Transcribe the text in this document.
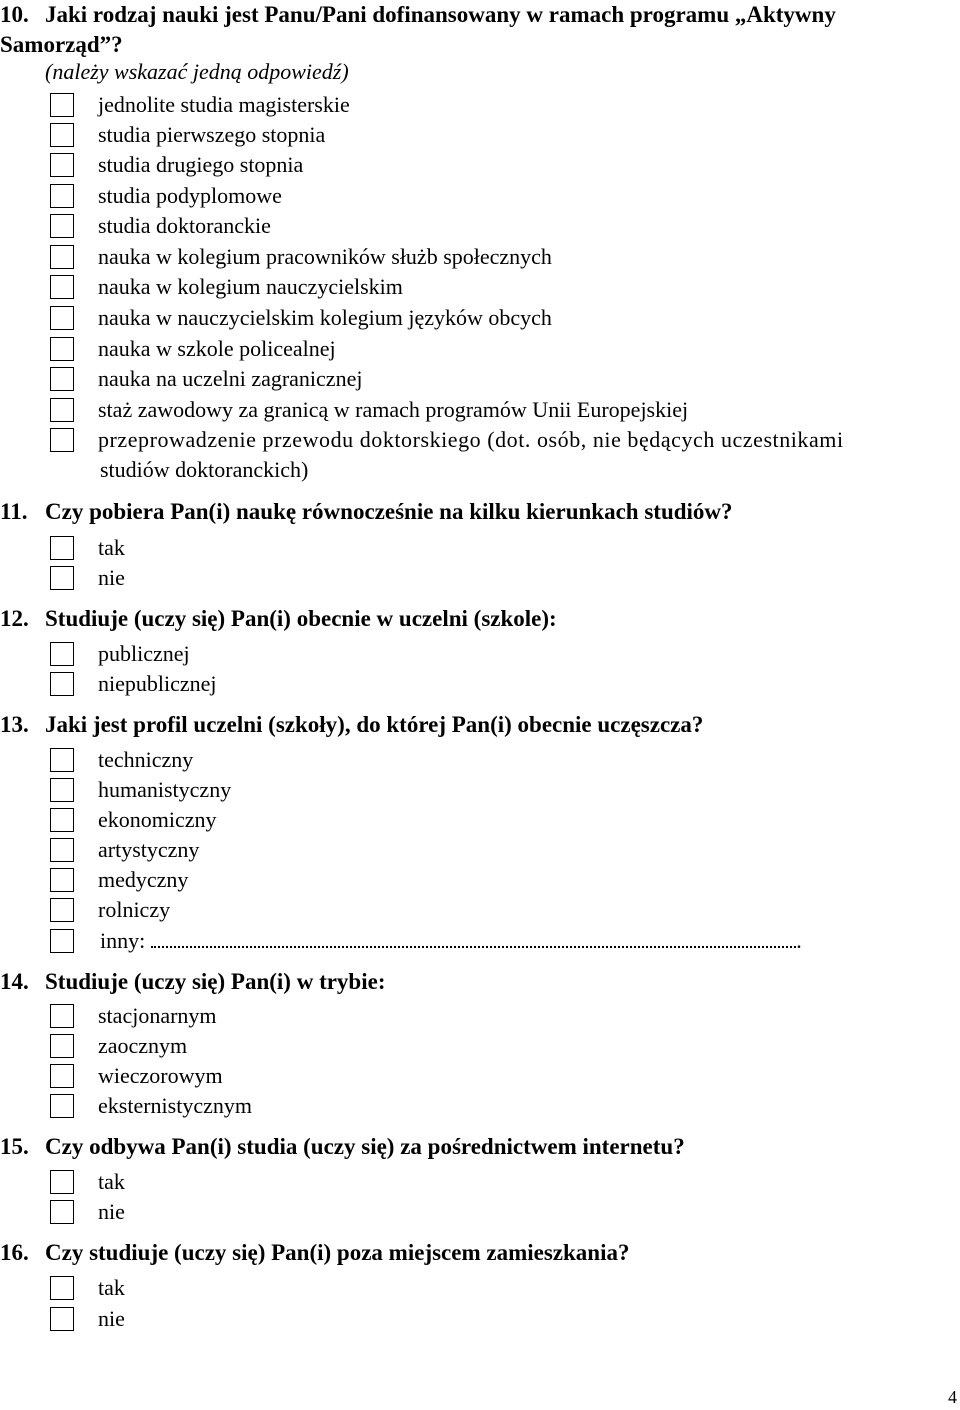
10. Jaki rodzaj nauki jest Panu/Pani dofinansowany w ramach programu „Aktywny
Samorząd”?
(należy wskazać jedną odpowiedź)
jednolite studia magisterskie
studia pierwszego stopnia
studia drugiego stopnia
studia podyplomowe
studia doktoranckie
nauka w kolegium pracowników służb społecznych
nauka w kolegium nauczycielskim
nauka w nauczycielskim kolegium języków obcych
nauka w szkole policealnej
nauka na uczelni zagranicznej
staż zawodowy za granicą w ramach programów Unii Europejskiej
przeprowadzenie przewodu doktorskiego (dot. osób, nie będących uczestnikami
studiów doktoranckich)
11. Czy pobiera Pan(i) naukę równocześnie na kilku kierunkach studiów?
tak
nie
12. Studiuje (uczy się) Pan(i) obecnie w uczelni (szkole):
publicznej
niepublicznej
13. Jaki jest profil uczelni (szkoły), do której Pan(i) obecnie uczęszcza?
techniczny
humanistyczny
ekonomiczny
artystyczny
medyczny
rolniczy
inny:	.
14. Studiuje (uczy się) Pan(i) w trybie:
stacjonarnym
zaocznym
wieczorowym
eksternistycznym
15. Czy odbywa Pan(i) studia (uczy się) za pośrednictwem internetu?
tak
nie
16. Czy studiuje (uczy się) Pan(i) poza miejscem zamieszkania?
tak
nie
4
